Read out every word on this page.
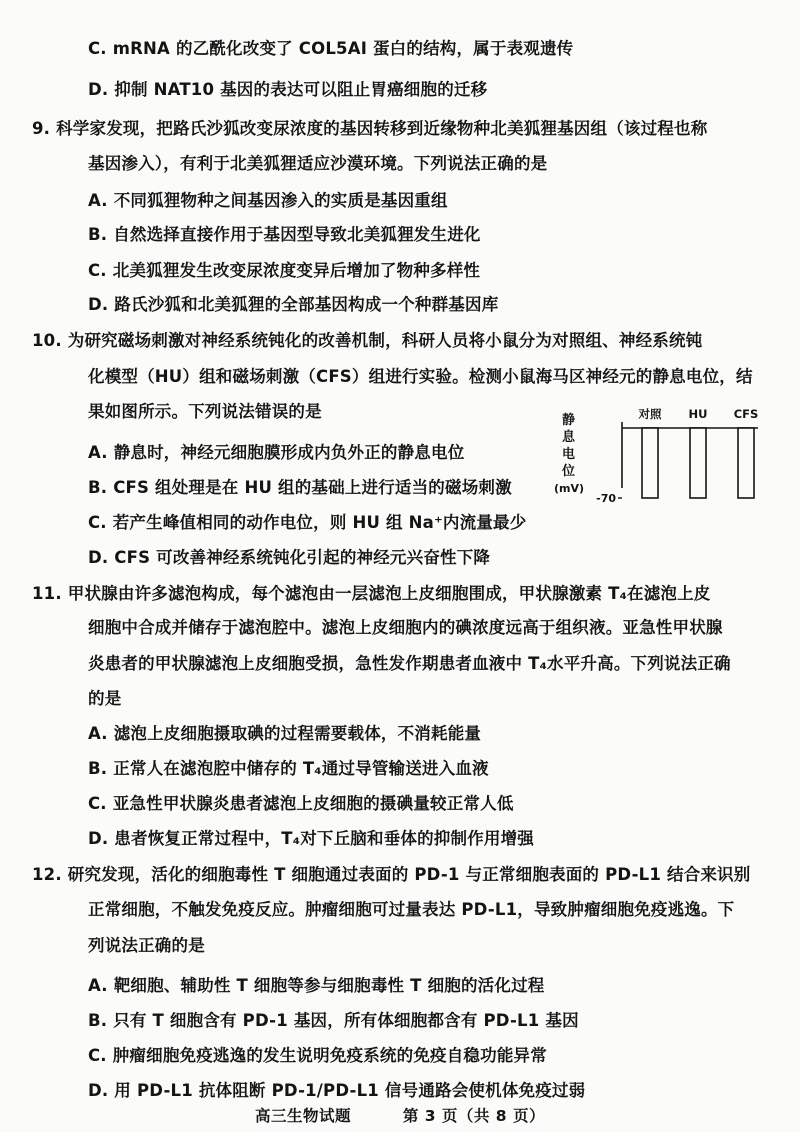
C. mRNA 的乙酰化改变了 COL5AI 蛋白的结构，属于表观遗传
D. 抑制 NAT10 基因的表达可以阻止胃癌细胞的迁移
9. 科学家发现，把路氏沙狐改变尿浓度的基因转移到近缘物种北美狐狸基因组（该过程也称
基因渗入），有利于北美狐狸适应沙漠环境。下列说法正确的是
A. 不同狐狸物种之间基因渗入的实质是基因重组
B. 自然选择直接作用于基因型导致北美狐狸发生进化
C. 北美狐狸发生改变尿浓度变异后增加了物种多样性
D. 路氏沙狐和北美狐狸的全部基因构成一个种群基因库
10. 为研究磁场刺激对神经系统钝化的改善机制，科研人员将小鼠分为对照组、神经系统钝
化模型（HU）组和磁场刺激（CFS）组进行实验。检测小鼠海马区神经元的静息电位，结
果如图所示。下列说法错误的是
A. 静息时，神经元细胞膜形成内负外正的静息电位
B. CFS 组处理是在 HU 组的基础上进行适当的磁场刺激
C. 若产生峰值相同的动作电位，则 HU 组 Na⁺内流量最少
D. CFS 可改善神经系统钝化引起的神经元兴奋性下降
静
息
电
位
(mV)
-70
对照 HU CFS
11. 甲状腺由许多滤泡构成，每个滤泡由一层滤泡上皮细胞围成，甲状腺激素 T₄在滤泡上皮
细胞中合成并储存于滤泡腔中。滤泡上皮细胞内的碘浓度远高于组织液。亚急性甲状腺
炎患者的甲状腺滤泡上皮细胞受损，急性发作期患者血液中 T₄水平升高。下列说法正确
的是
A. 滤泡上皮细胞摄取碘的过程需要载体，不消耗能量
B. 正常人在滤泡腔中储存的 T₄通过导管输送进入血液
C. 亚急性甲状腺炎患者滤泡上皮细胞的摄碘量较正常人低
D. 患者恢复正常过程中，T₄对下丘脑和垂体的抑制作用增强
12. 研究发现，活化的细胞毒性 T 细胞通过表面的 PD-1 与正常细胞表面的 PD-L1 结合来识别
正常细胞，不触发免疫反应。肿瘤细胞可过量表达 PD-L1，导致肿瘤细胞免疫逃逸。下
列说法正确的是
A. 靶细胞、辅助性 T 细胞等参与细胞毒性 T 细胞的活化过程
B. 只有 T 细胞含有 PD-1 基因，所有体细胞都含有 PD-L1 基因
C. 肿瘤细胞免疫逃逸的发生说明免疫系统的免疫自稳功能异常
D. 用 PD-L1 抗体阻断 PD-1/PD-L1 信号通路会使机体免疫过弱
高三生物试题	第 3 页（共 8 页）
